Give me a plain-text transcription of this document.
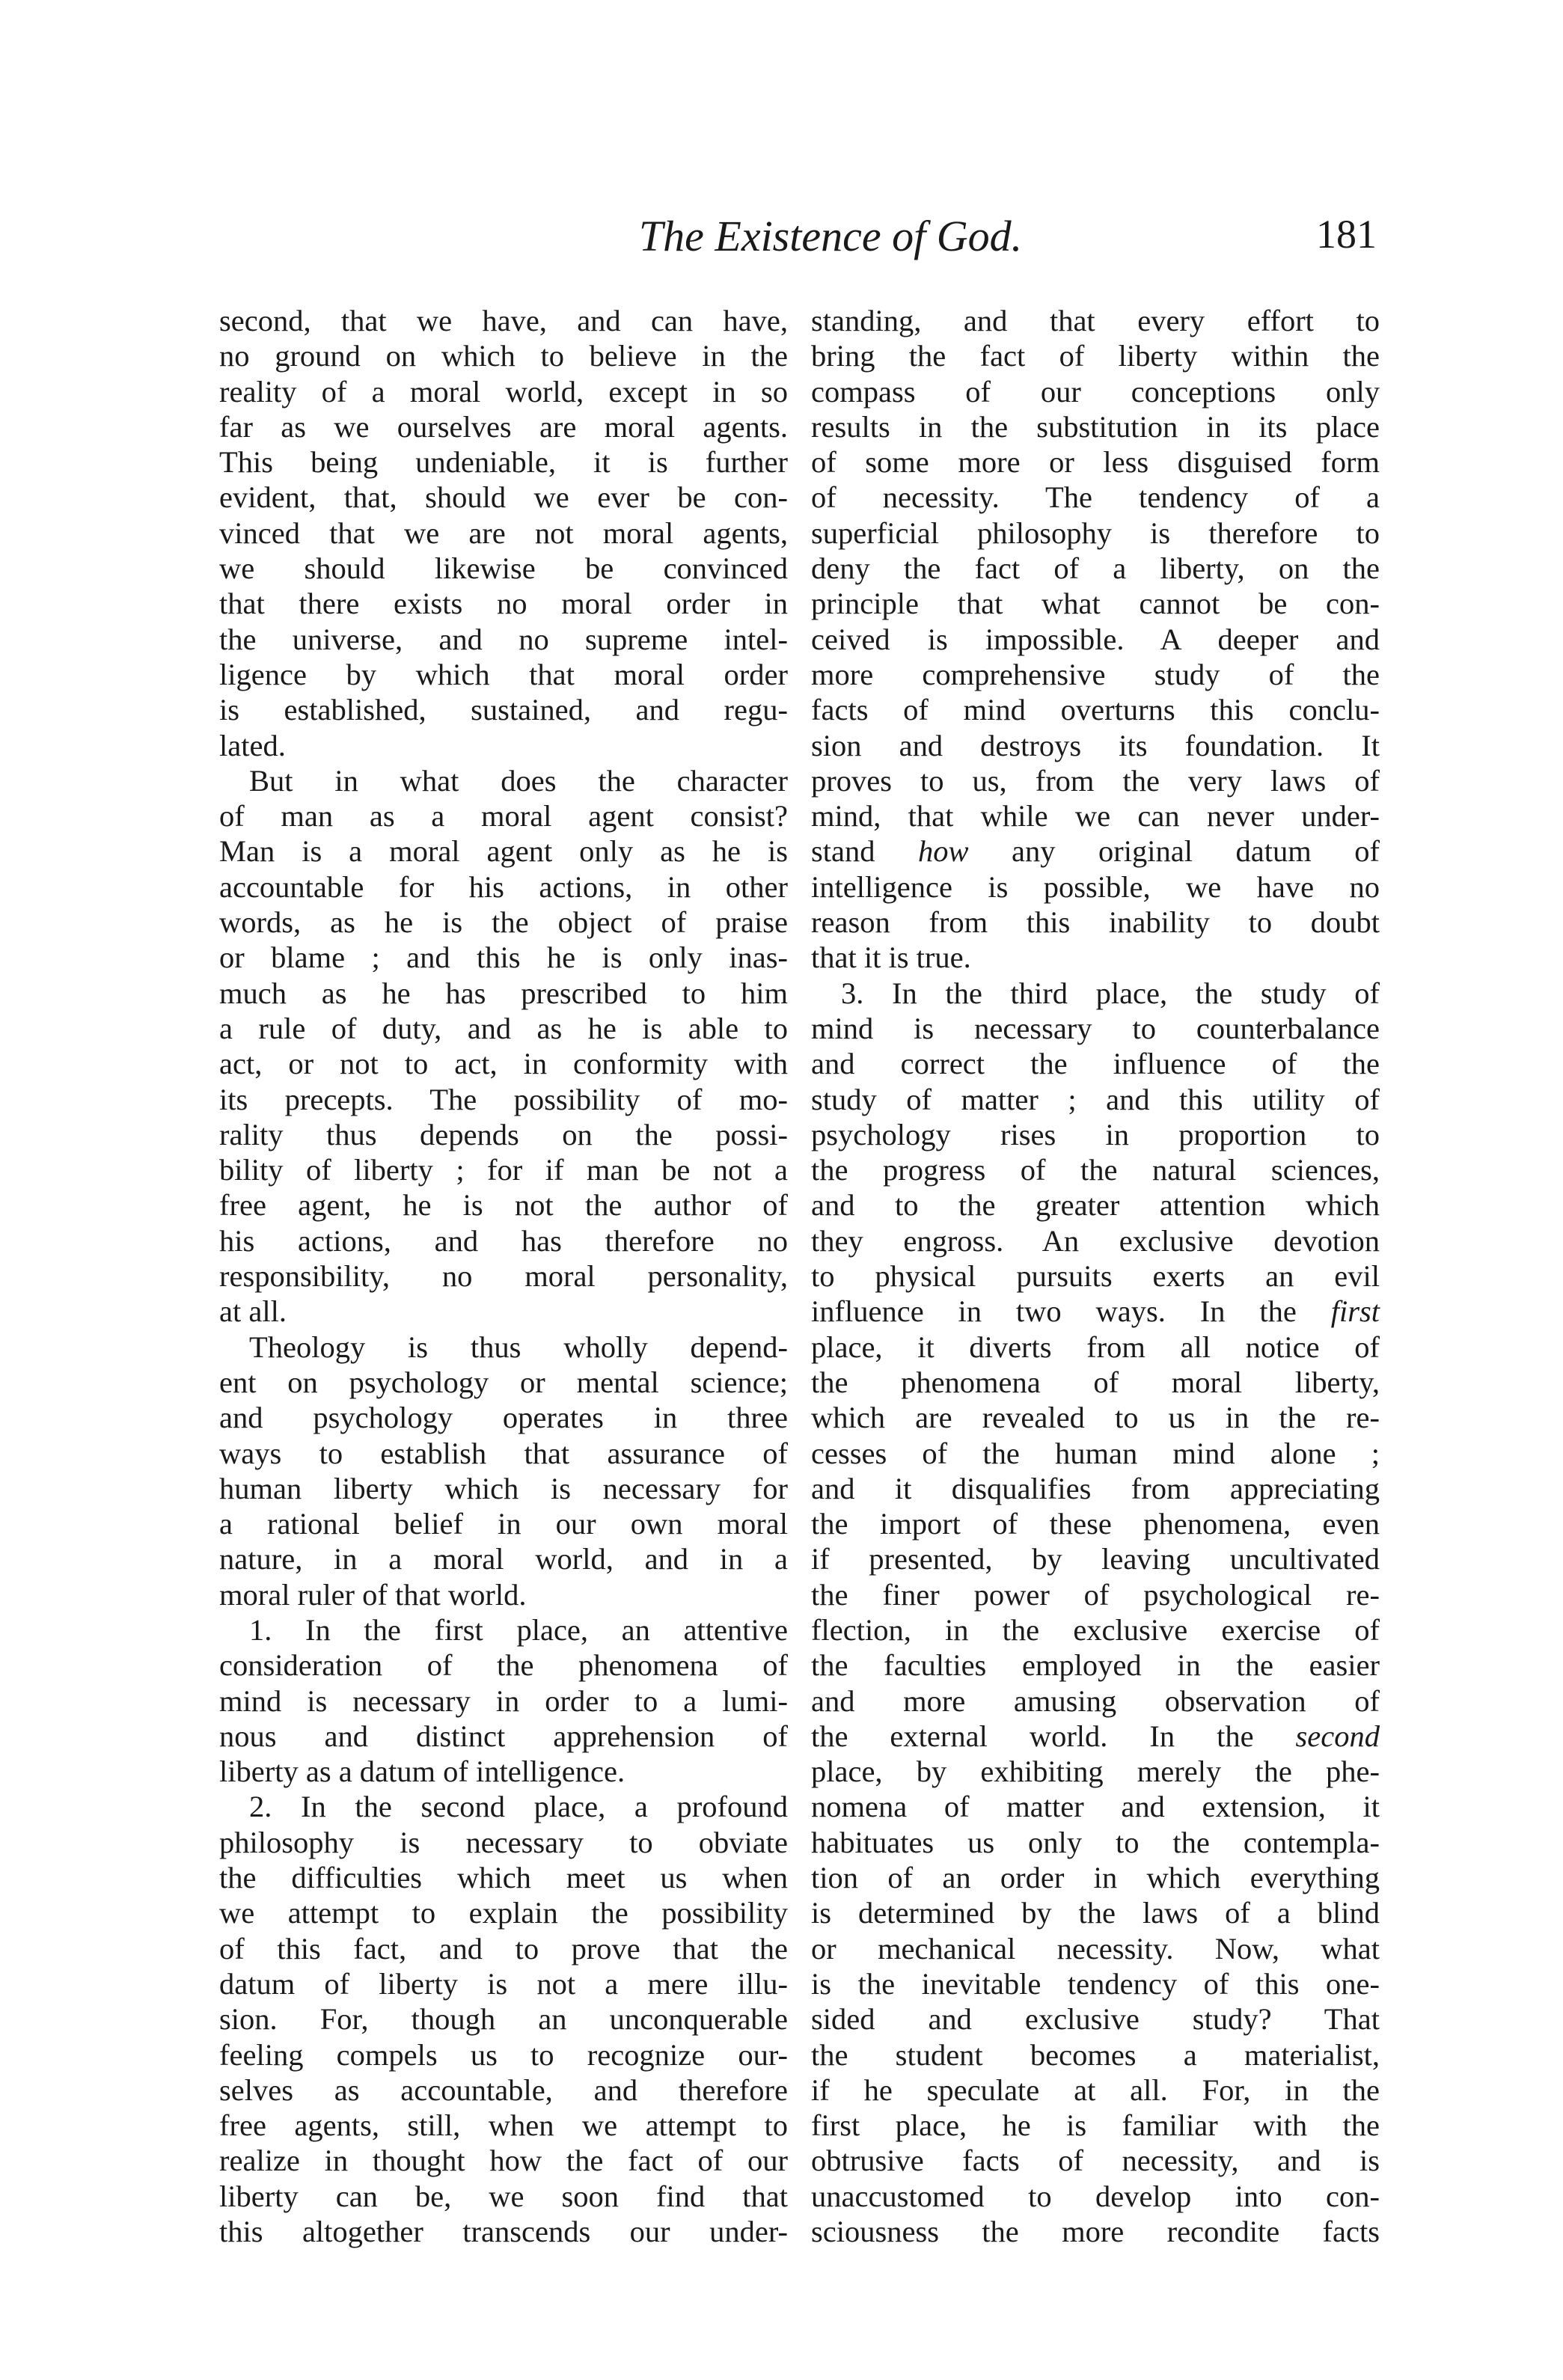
The Existence of God.	181
second, that we have, and can have,
no ground on which to believe in the
reality of a moral world, except in so
far as we ourselves are moral agents.
This being undeniable, it is further
evident, that, should we ever be con-
vinced that we are not moral agents,
we should likewise be convinced
that there exists no moral order in
the universe, and no supreme intel-
ligence by which that moral order
is established, sustained, and regu-
lated.
But in what does the character
of man as a moral agent consist?
Man is a moral agent only as he is
accountable for his actions, in other
words, as he is the object of praise
or blame ; and this he is only inas-
much as he has prescribed to him
a rule of duty, and as he is able to
act, or not to act, in conformity with
its precepts. The possibility of mo-
rality thus depends on the possi-
bility of liberty ; for if man be not a
free agent, he is not the author of
his actions, and has therefore no
responsibility, no moral personality,
at all.
Theology is thus wholly depend-
ent on psychology or mental science;
and psychology operates in three
ways to establish that assurance of
human liberty which is necessary for
a rational belief in our own moral
nature, in a moral world, and in a
moral ruler of that world.
1. In the first place, an attentive
consideration of the phenomena of
mind is necessary in order to a lumi-
nous and distinct apprehension of
liberty as a datum of intelligence.
2. In the second place, a profound
philosophy is necessary to obviate
the difficulties which meet us when
we attempt to explain the possibility
of this fact, and to prove that the
datum of liberty is not a mere illu-
sion. For, though an unconquerable
feeling compels us to recognize our-
selves as accountable, and therefore
free agents, still, when we attempt to
realize in thought how the fact of our
liberty can be, we soon find that
this altogether transcends our under-
standing, and that every effort to
bring the fact of liberty within the
compass of our conceptions only
results in the substitution in its place
of some more or less disguised form
of necessity. The tendency of a
superficial philosophy is therefore to
deny the fact of a liberty, on the
principle that what cannot be con-
ceived is impossible. A deeper and
more comprehensive study of the
facts of mind overturns this conclu-
sion and destroys its foundation. It
proves to us, from the very laws of
mind, that while we can never under-
stand how any original datum of
intelligence is possible, we have no
reason from this inability to doubt
that it is true.
3. In the third place, the study of
mind is necessary to counterbalance
and correct the influence of the
study of matter ; and this utility of
psychology rises in proportion to
the progress of the natural sciences,
and to the greater attention which
they engross. An exclusive devotion
to physical pursuits exerts an evil
influence in two ways. In the first
place, it diverts from all notice of
the phenomena of moral liberty,
which are revealed to us in the re-
cesses of the human mind alone ;
and it disqualifies from appreciating
the import of these phenomena, even
if presented, by leaving uncultivated
the finer power of psychological re-
flection, in the exclusive exercise of
the faculties employed in the easier
and more amusing observation of
the external world. In the second
place, by exhibiting merely the phe-
nomena of matter and extension, it
habituates us only to the contempla-
tion of an order in which everything
is determined by the laws of a blind
or mechanical necessity. Now, what
is the inevitable tendency of this one-
sided and exclusive study? That
the student becomes a materialist,
if he speculate at all. For, in the
first place, he is familiar with the
obtrusive facts of necessity, and is
unaccustomed to develop into con-
sciousness the more recondite facts
